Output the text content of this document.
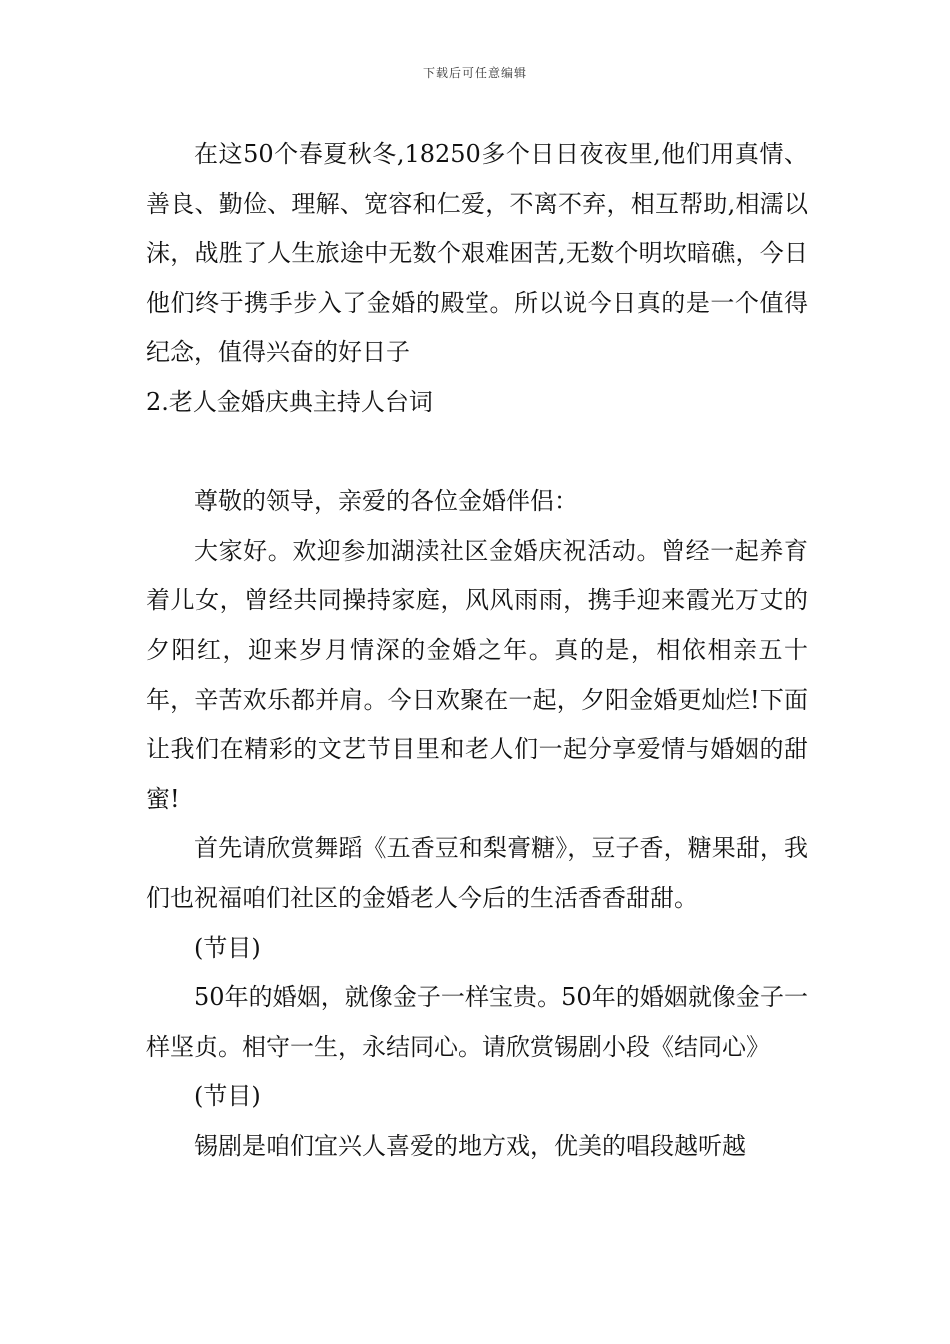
下载后可任意编辑

在这50个春夏秋冬,18250多个日日夜夜里,他们用真情、善良、勤俭、理解、宽容和仁爱，不离不弃，相互帮助,相濡以沫，战胜了人生旅途中无数个艰难困苦,无数个明坎暗礁，今日他们终于携手步入了金婚的殿堂。所以说今日真的是一个值得纪念，值得兴奋的好日子

2.老人金婚庆典主持人台词

尊敬的领导，亲爱的各位金婚伴侣：

大家好。欢迎参加湖渎社区金婚庆祝活动。曾经一起养育着儿女，曾经共同操持家庭，风风雨雨，携手迎来霞光万丈的夕阳红，迎来岁月情深的金婚之年。真的是，相依相亲五十年，辛苦欢乐都并肩。今日欢聚在一起，夕阳金婚更灿烂!下面让我们在精彩的文艺节目里和老人们一起分享爱情与婚姻的甜蜜!

首先请欣赏舞蹈《五香豆和梨膏糖》，豆子香，糖果甜，我们也祝福咱们社区的金婚老人今后的生活香香甜甜。

(节目)

50年的婚姻，就像金子一样宝贵。50年的婚姻就像金子一样坚贞。相守一生，永结同心。请欣赏锡剧小段《结同心》

(节目)

锡剧是咱们宜兴人喜爱的地方戏，优美的唱段越听越
